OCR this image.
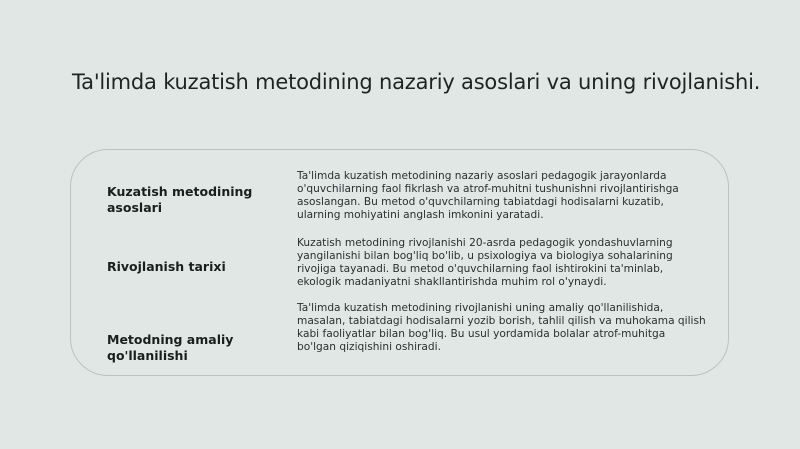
Ta'limda kuzatish metodining nazariy asoslari va uning rivojlanishi.
Kuzatish metodining asoslari
Ta'limda kuzatish metodining nazariy asoslari pedagogik jarayonlarda o'quvchilarning faol fikrlash va atrof-muhitni tushunishni rivojlantirishga asoslangan. Bu metod o'quvchilarning tabiatdagi hodisalarni kuzatib, ularning mohiyatini anglash imkonini yaratadi.
Rivojlanish tarixi
Kuzatish metodining rivojlanishi 20-asrda pedagogik yondashuvlarning yangilanishi bilan bog'liq bo'lib, u psixologiya va biologiya sohalarining rivojiga tayanadi. Bu metod o'quvchilarning faol ishtirokini ta'minlab, ekologik madaniyatni shakllantirishda muhim rol o'ynaydi.
Metodning amaliy qo'llanilishi
Ta'limda kuzatish metodining rivojlanishi uning amaliy qo'llanilishida, masalan, tabiatdagi hodisalarni yozib borish, tahlil qilish va muhokama qilish kabi faoliyatlar bilan bog'liq. Bu usul yordamida bolalar atrof-muhitga bo'lgan qiziqishini oshiradi.
